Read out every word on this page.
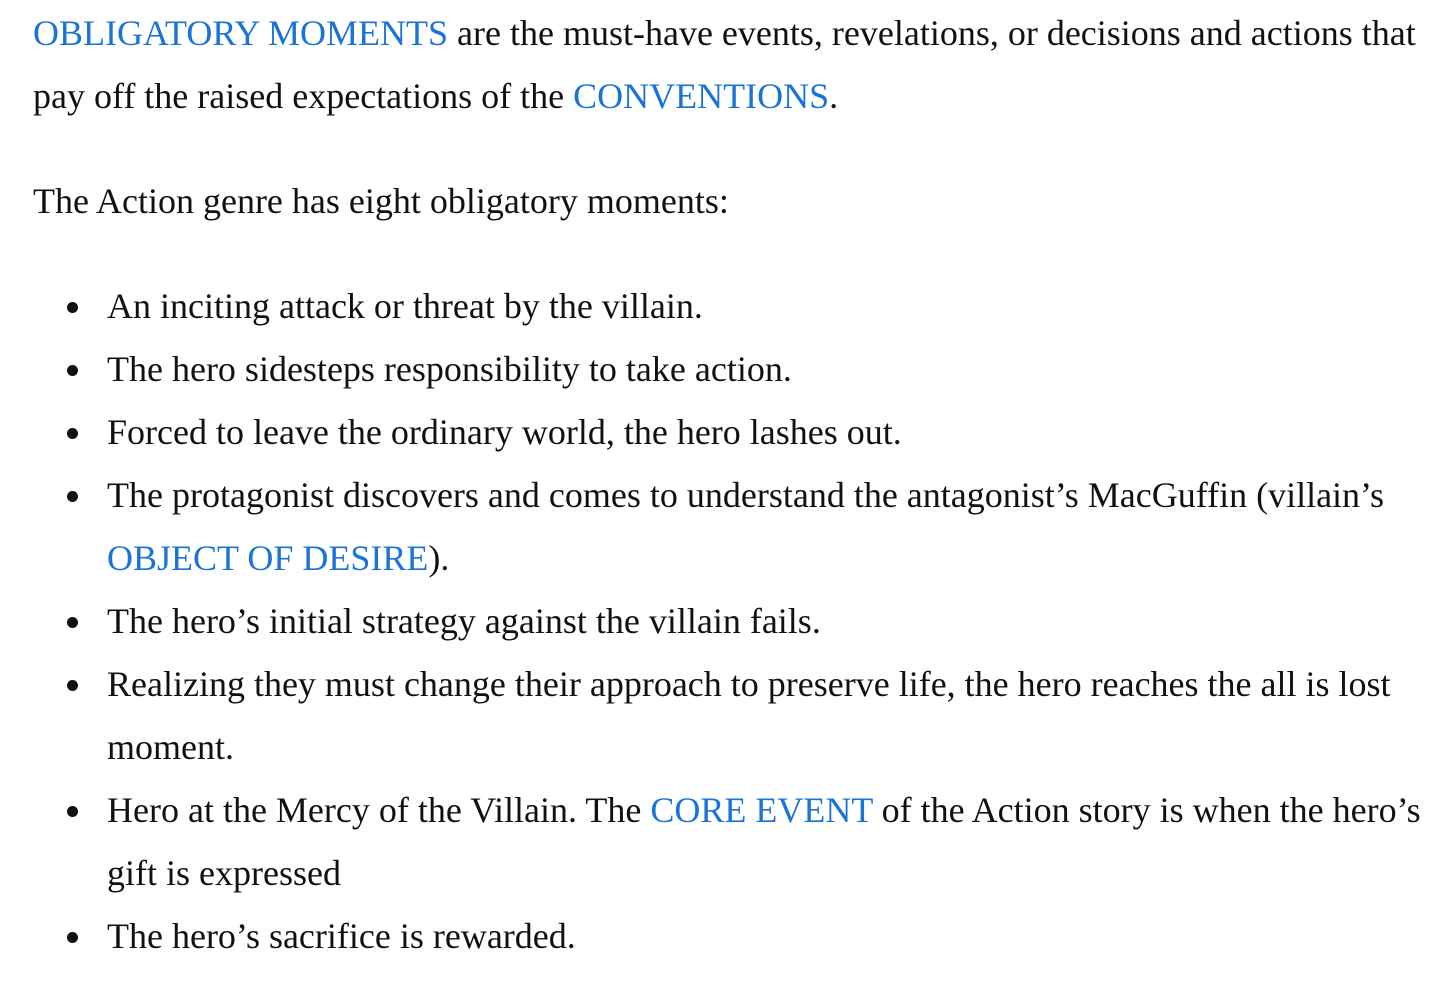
OBLIGATORY MOMENTS are the must-have events, revelations, or decisions and actions that pay off the raised expectations of the CONVENTIONS.

The Action genre has eight obligatory moments:

An inciting attack or threat by the villain.
The hero sidesteps responsibility to take action.
Forced to leave the ordinary world, the hero lashes out.
The protagonist discovers and comes to understand the antagonist’s MacGuffin (villain’s OBJECT OF DESIRE).
The hero’s initial strategy against the villain fails.
Realizing they must change their approach to preserve life, the hero reaches the all is lost moment.
Hero at the Mercy of the Villain. The CORE EVENT of the Action story is when the hero’s gift is expressed
The hero’s sacrifice is rewarded.
